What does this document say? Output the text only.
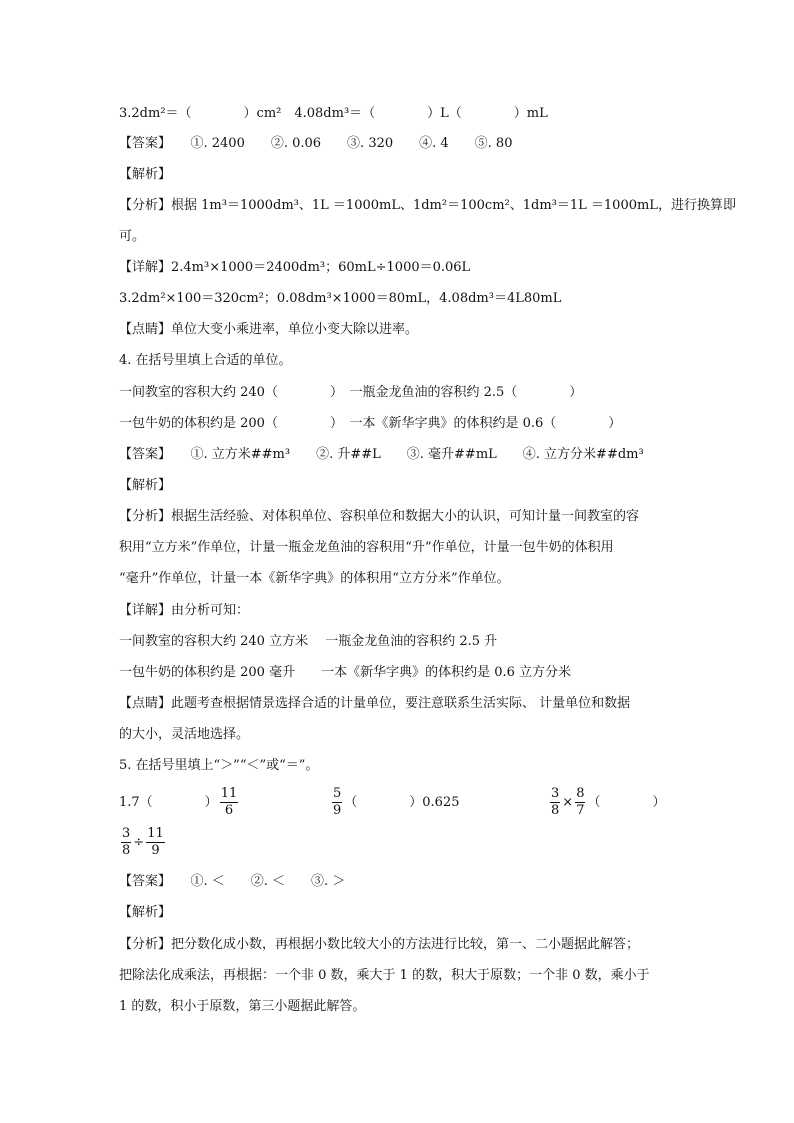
3.2dm²＝（　　　　）cm²　4.08dm³＝（　　　　）L（　　　　）mL
【答案】　　①. 2400　　②. 0.06　　③. 320　　④. 4　　⑤. 80
【解析】
【分析】根据 1m³＝1000dm³、1L ＝1000mL、1dm²＝100cm²、1dm³＝1L ＝1000mL，进行换算即
可。
【详解】2.4m³×1000＝2400dm³；60mL÷1000＝0.06L
3.2dm²×100＝320cm²；0.08dm³×1000＝80mL，4.08dm³＝4L80mL
【点睛】单位大变小乘进率，单位小变大除以进率。
4. 在括号里填上合适的单位。
一间教室的容积大约 240（　　　　）　一瓶金龙鱼油的容积约 2.5（　　　　）
一包牛奶的体积约是 200（　　　　）　一本《新华字典》的体积约是 0.6（　　　　）
【答案】　　①. 立方米##m³　　②. 升##L　　③. 毫升##mL　　④. 立方分米##dm³
【解析】
【分析】根据生活经验、对体积单位、容积单位和数据大小的认识，可知计量一间教室的容
积用“立方米”作单位，计量一瓶金龙鱼油的容积用“升”作单位，计量一包牛奶的体积用
“毫升”作单位，计量一本《新华字典》的体积用“立方分米”作单位。
【详解】由分析可知：
一间教室的容积大约 240 立方米　 一瓶金龙鱼油的容积约 2.5 升
一包牛奶的体积约是 200 毫升　　一本《新华字典》的体积约是 0.6 立方分米
【点睛】此题考查根据情景选择合适的计量单位，要注意联系生活实际、 计量单位和数据
的大小，灵活地选择。
5. 在括号里填上“＞”“＜”或“＝”。
1.7（　　　　） $\frac{11}{6}$	$\frac{5}{9}$ （　　　　）0.625	$\frac{3}{8} \times \frac{8}{7}$ （　　　　）
$\frac{3}{8} \div \frac{11}{9}$
【答案】　　①. ＜　　②. ＜　　③. ＞
【解析】
【分析】把分数化成小数，再根据小数比较大小的方法进行比较，第一、二小题据此解答；
把除法化成乘法，再根据：一个非 0 数，乘大于 1 的数，积大于原数；一个非 0 数，乘小于
1 的数，积小于原数，第三小题据此解答。
